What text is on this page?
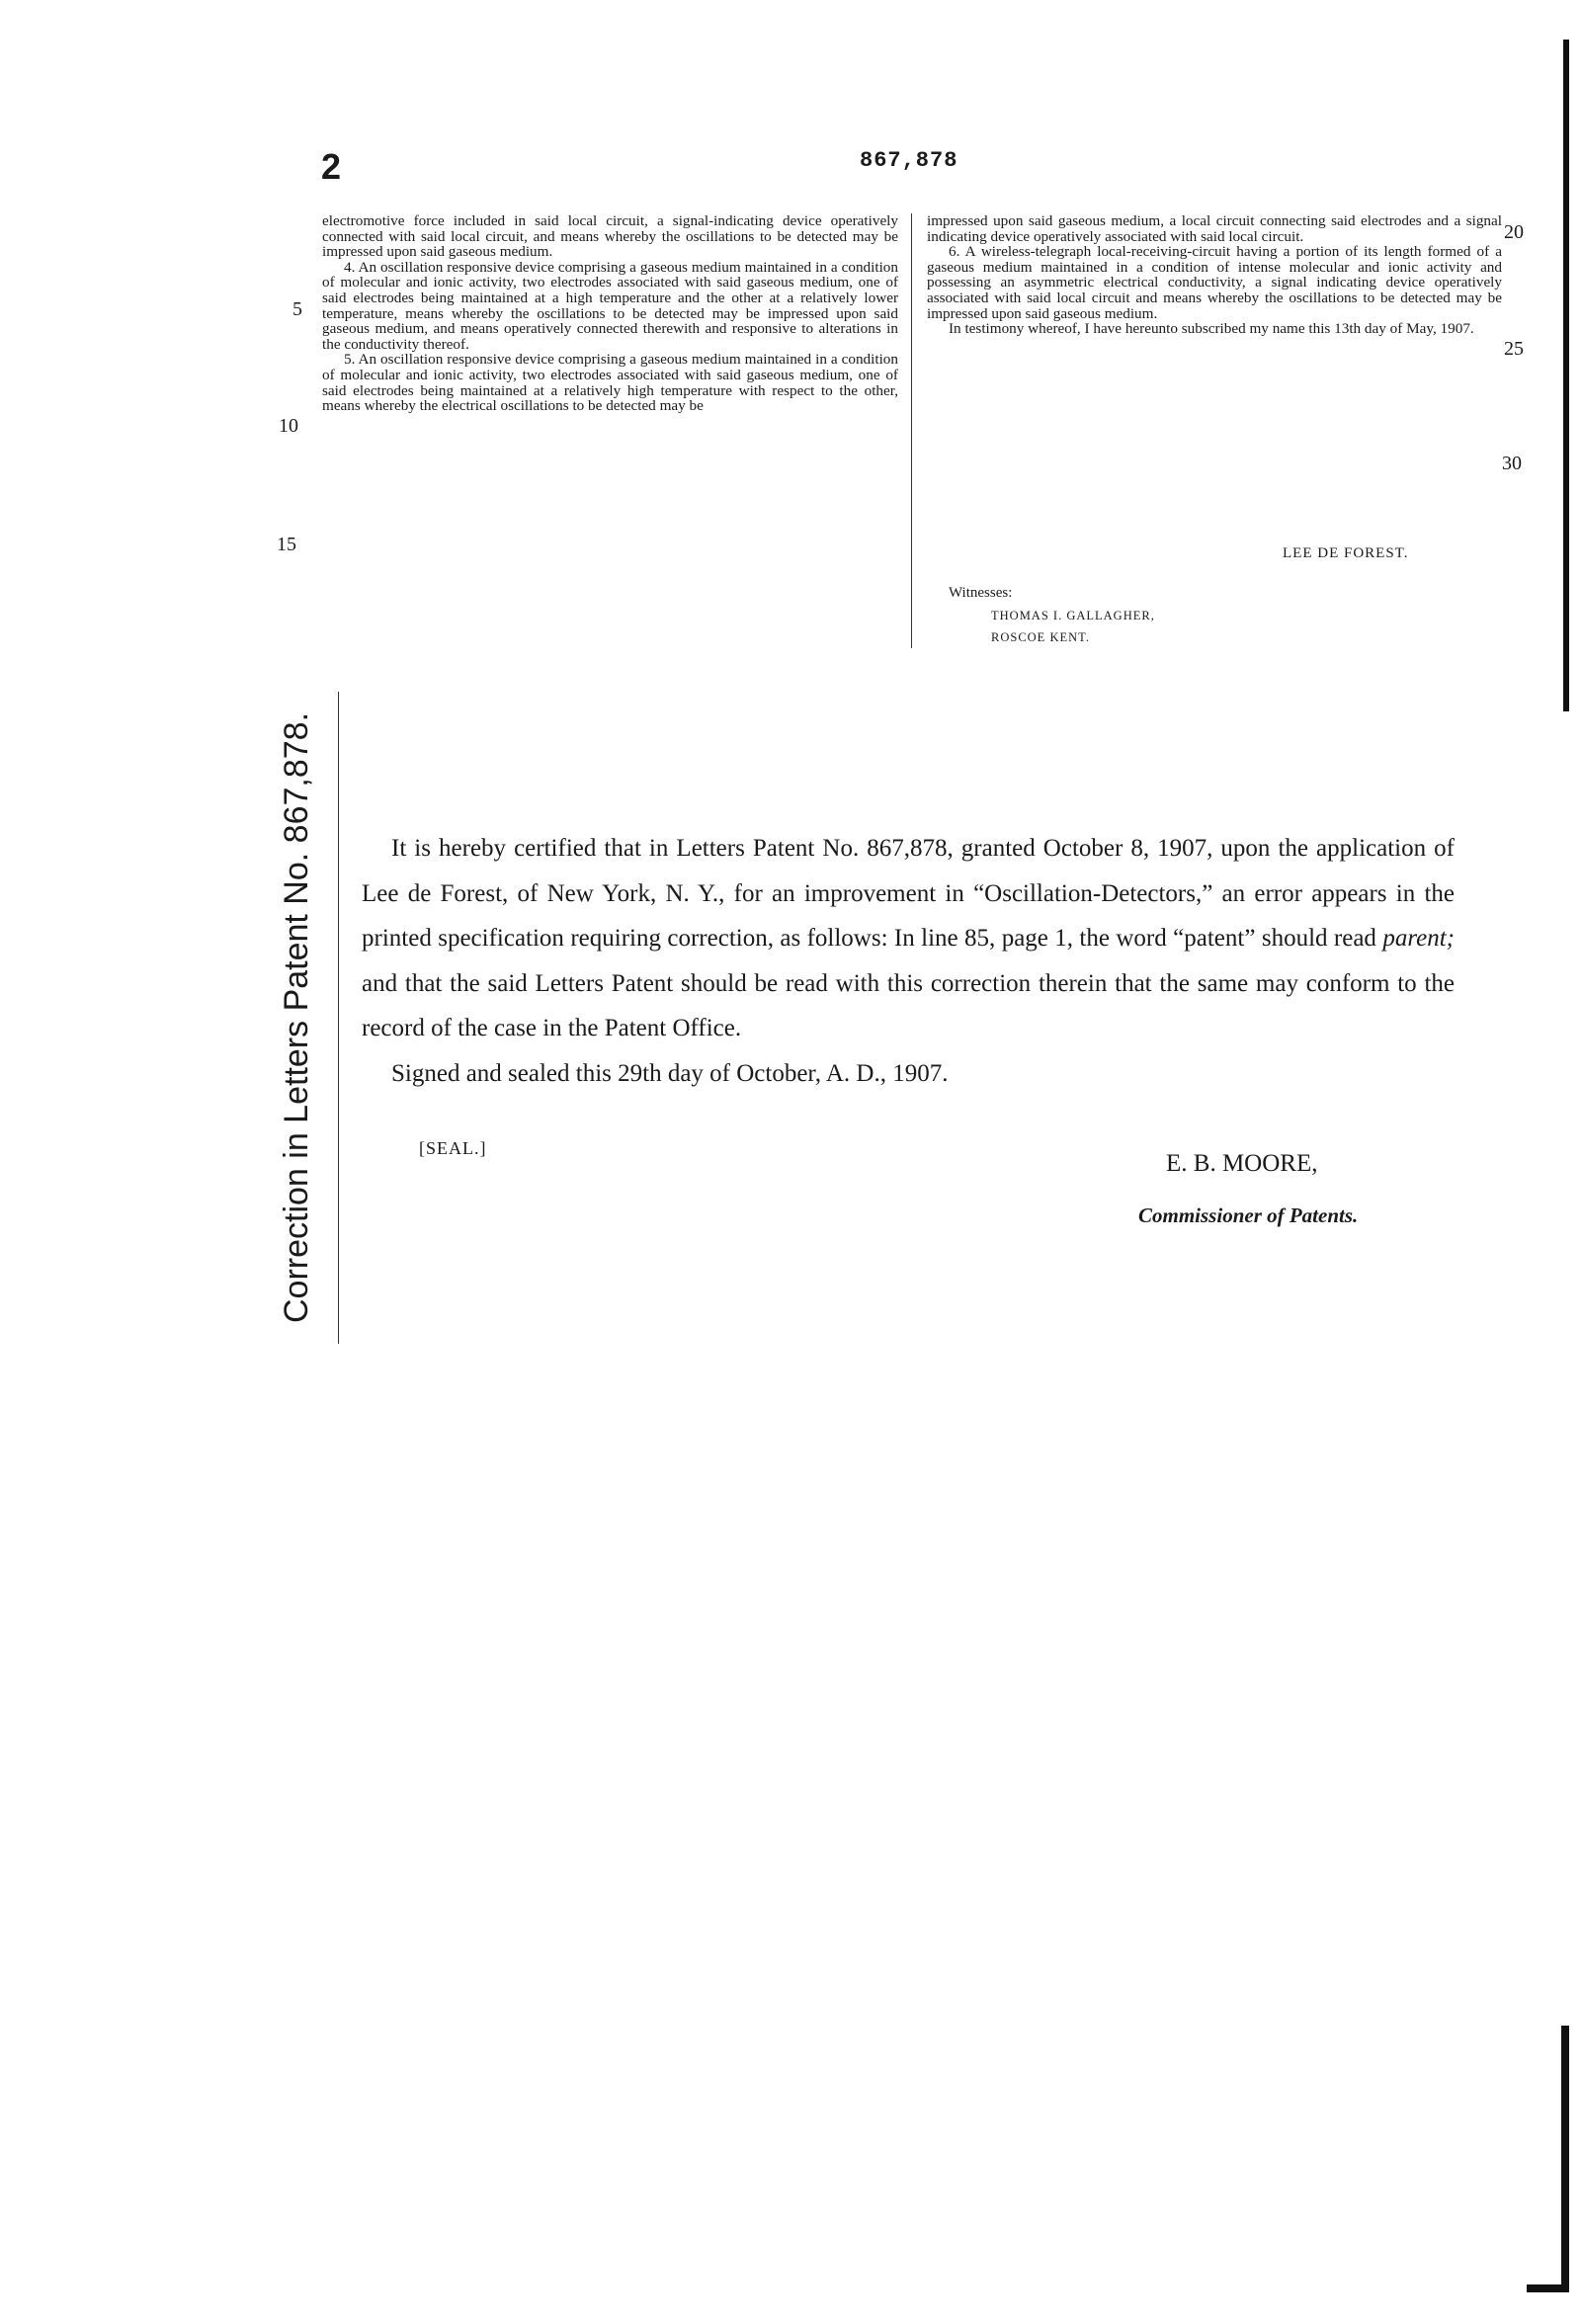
2	867,878

electromotive force included in said local circuit, a signal-indicating device operatively connected with said local circuit, and means whereby the oscillations to be detected may be impressed upon said gaseous medium.

4. An oscillation responsive device comprising a gaseous medium maintained in a condition of molecular and ionic activity, two electrodes associated with said gaseous medium, one of said electrodes being maintained at a high temperature and the other at a relatively lower temperature, means whereby the oscillations to be detected may be impressed upon said gaseous medium, and means operatively connected therewith and responsive to alterations in the conductivity thereof.

5. An oscillation responsive device comprising a gaseous medium maintained in a condition of molecular and ionic activity, two electrodes associated with said gaseous medium, one of said electrodes being maintained at a relatively high temperature with respect to the other, means whereby the electrical oscillations to be detected may be

impressed upon said gaseous medium, a local circuit connecting said electrodes and a signal indicating device operatively associated with said local circuit.

6. A wireless-telegraph local-receiving-circuit having a portion of its length formed of a gaseous medium maintained in a condition of intense molecular and ionic activity and possessing an asymmetric electrical conductivity, a signal indicating device operatively associated with said local circuit and means whereby the oscillations to be detected may be impressed upon said gaseous medium.

In testimony whereof, I have hereunto subscribed my name this 13th day of May, 1907.

5
10
15
20
25
30
LEE DE FOREST.
Witnesses:
THOMAS I. GALLAGHER,
ROSCOE KENT.
Correction in Letters Patent No. 867,878.	It is hereby certified that in Letters Patent No. 867,878, granted October 8, 1907, upon the application of Lee de Forest, of New York, N. Y., for an improvement in “Oscillation-Detectors,” an error appears in the printed specification requiring correction, as follows: In line 85, page 1, the word “patent” should read parent; and that the said Letters Patent should be read with this correction therein that the same may conform to the record of the case in the Patent Office.

Signed and sealed this 29th day of October, A. D., 1907.

[SEAL.]
E. B. MOORE,
Commissioner of Patents.
